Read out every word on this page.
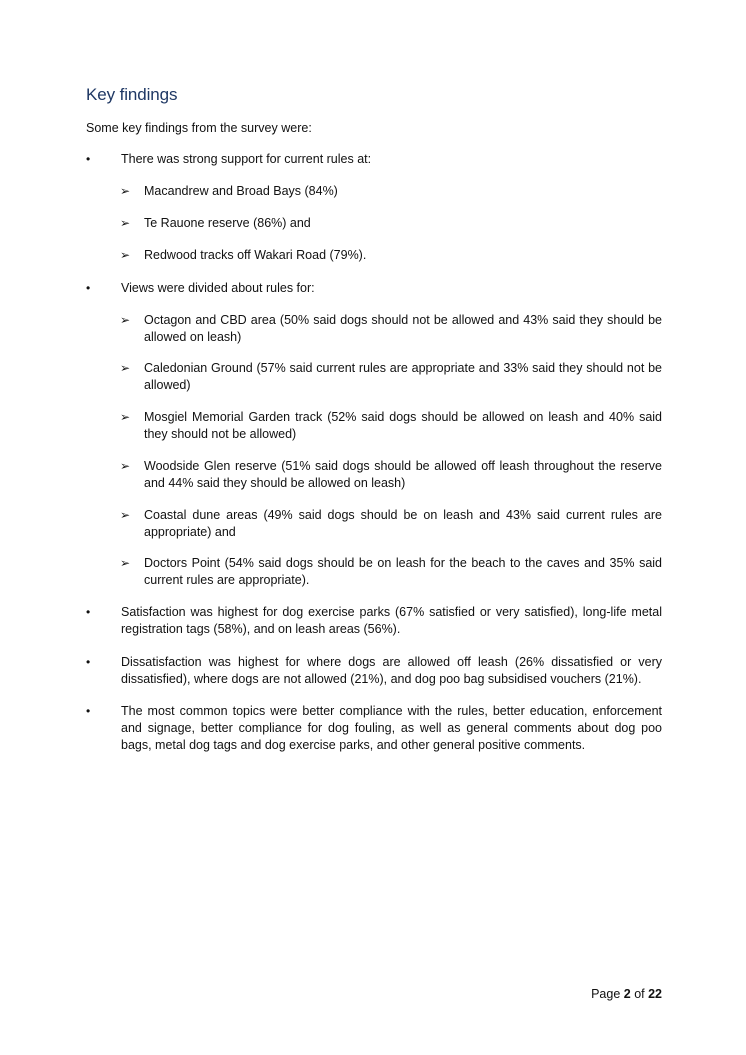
Key findings

Some key findings from the survey were:

•	There was strong support for current rules at:
➢	Macandrew and Broad Bays (84%)
➢	Te Rauone reserve (86%) and
➢	Redwood tracks off Wakari Road (79%).
•	Views were divided about rules for:
➢	Octagon and CBD area (50% said dogs should not be allowed and 43% said they should be allowed on leash)
➢	Caledonian Ground (57% said current rules are appropriate and 33% said they should not be allowed)
➢	Mosgiel Memorial Garden track (52% said dogs should be allowed on leash and 40% said they should not be allowed)
➢	Woodside Glen reserve (51% said dogs should be allowed off leash throughout the reserve and 44% said they should be allowed on leash)
➢	Coastal dune areas (49% said dogs should be on leash and 43% said current rules are appropriate) and
➢	Doctors Point (54% said dogs should be on leash for the beach to the caves and 35% said current rules are appropriate).
•	Satisfaction was highest for dog exercise parks (67% satisfied or very satisfied), long-life metal registration tags (58%), and on leash areas (56%).
•	Dissatisfaction was highest for where dogs are allowed off leash (26% dissatisfied or very dissatisfied), where dogs are not allowed (21%), and dog poo bag subsidised vouchers (21%).
•	The most common topics were better compliance with the rules, better education, enforcement and signage, better compliance for dog fouling, as well as general comments about dog poo bags, metal dog tags and dog exercise parks, and other general positive comments.
Page 2 of 22
